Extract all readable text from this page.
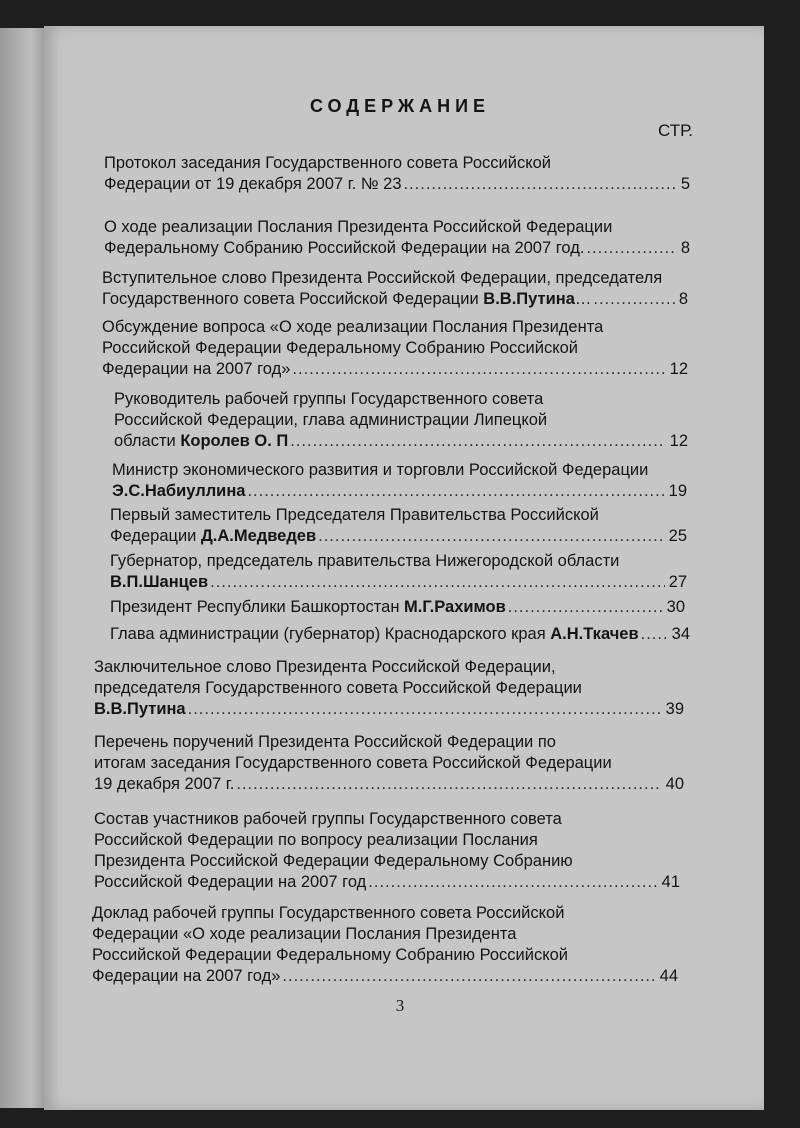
СОДЕРЖАНИЕ
СТР.
Протокол заседания Государственного совета Российской
Федерации от 19 декабря 2007 г. № 23 .....	5
О ходе реализации Послания Президента Российской Федерации
Федеральному Собранию Российской Федерации на 2007 год. .....	8
Вступительное слово Президента Российской Федерации, председателя
Государственного совета Российской Федерации В.В.Путина… .....	8
Обсуждение вопроса «О ходе реализации Послания Президента
Российской Федерации Федеральному Собранию Российской
Федерации на 2007 год» .....	12
Руководитель рабочей группы Государственного совета
Российской Федерации, глава администрации Липецкой
области Королев О. П .....	12
Министр экономического развития и торговли Российской Федерации
Э.С.Набиуллина .....	19
Первый заместитель Председателя Правительства Российской
Федерации Д.А.Медведев .....	25
Губернатор, председатель правительства Нижегородской области
В.П.Шанцев .....	27
Президент Республики Башкортостан М.Г.Рахимов .....	30
Глава администрации (губернатор) Краснодарского края А.Н.Ткачев ..... 34
Заключительное слово Президента Российской Федерации,
председателя Государственного совета Российской Федерации
В.В.Путина .....	39
Перечень поручений Президента Российской Федерации по
итогам заседания Государственного совета Российской Федерации
19 декабря 2007 г. .....	40
Состав участников рабочей группы Государственного совета
Российской Федерации по вопросу реализации Послания
Президента Российской Федерации Федеральному Собранию
Российской Федерации на 2007 год .....	41
Доклад рабочей группы Государственного совета Российской
Федерации «О ходе реализации Послания Президента
Российской Федерации Федеральному Собранию Российской
Федерации на 2007 год» .....	44
3
